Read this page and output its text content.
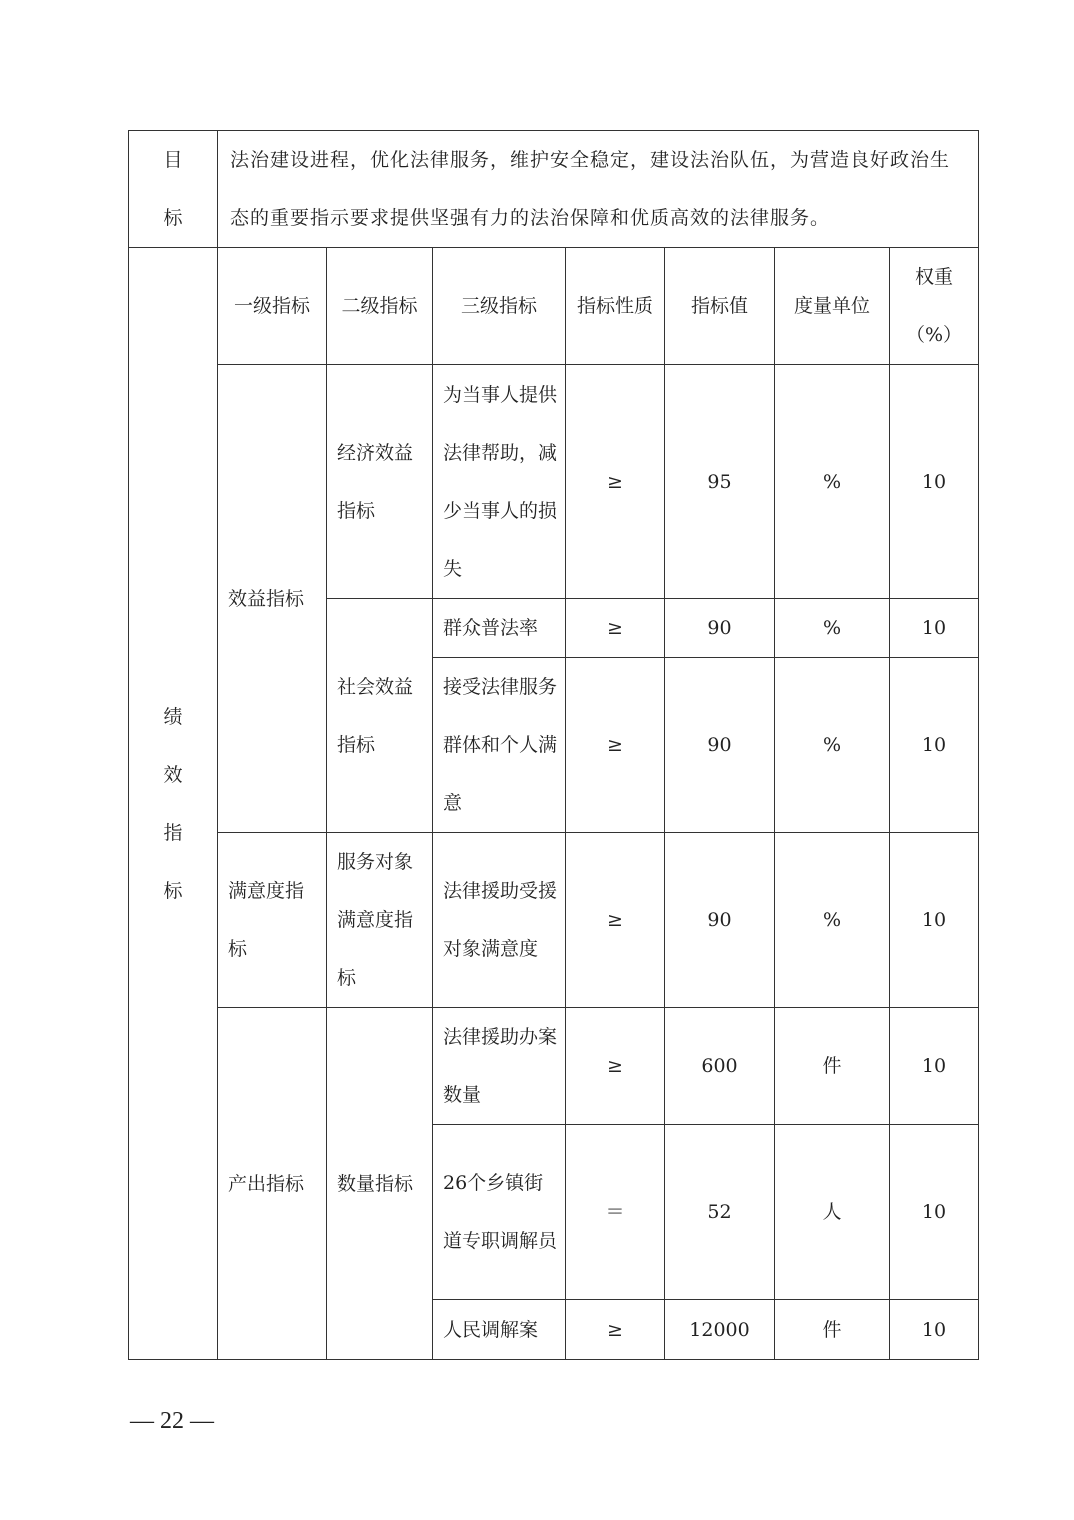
目
标	法治建设进程，优化法律服务，维护安全稳定，建设法治队伍，为营造良好政治生态的重要指示要求提供坚强有力的法治保障和优质高效的法律服务。						

绩
效
指
标	一级指标	二级指标	三级指标	指标性质	指标值	度量单位	权重
（%）
	效益指标	经济效益指标	为当事人提供法律帮助，减少当事人的损失	≥	95	%	10
		社会效益指标	群众普法率	≥	90	%	10
			接受法律服务群体和个人满意	≥	90	%	10
	满意度指标	服务对象满意度指标	法律援助受援对象满意度	≥	90	%	10
	产出指标	数量指标	法律援助办案数量	≥	600	件	10
			26个乡镇街道专职调解员	＝	52	人	10
			人民调解案	≥	12000	件	10
— 22 —
